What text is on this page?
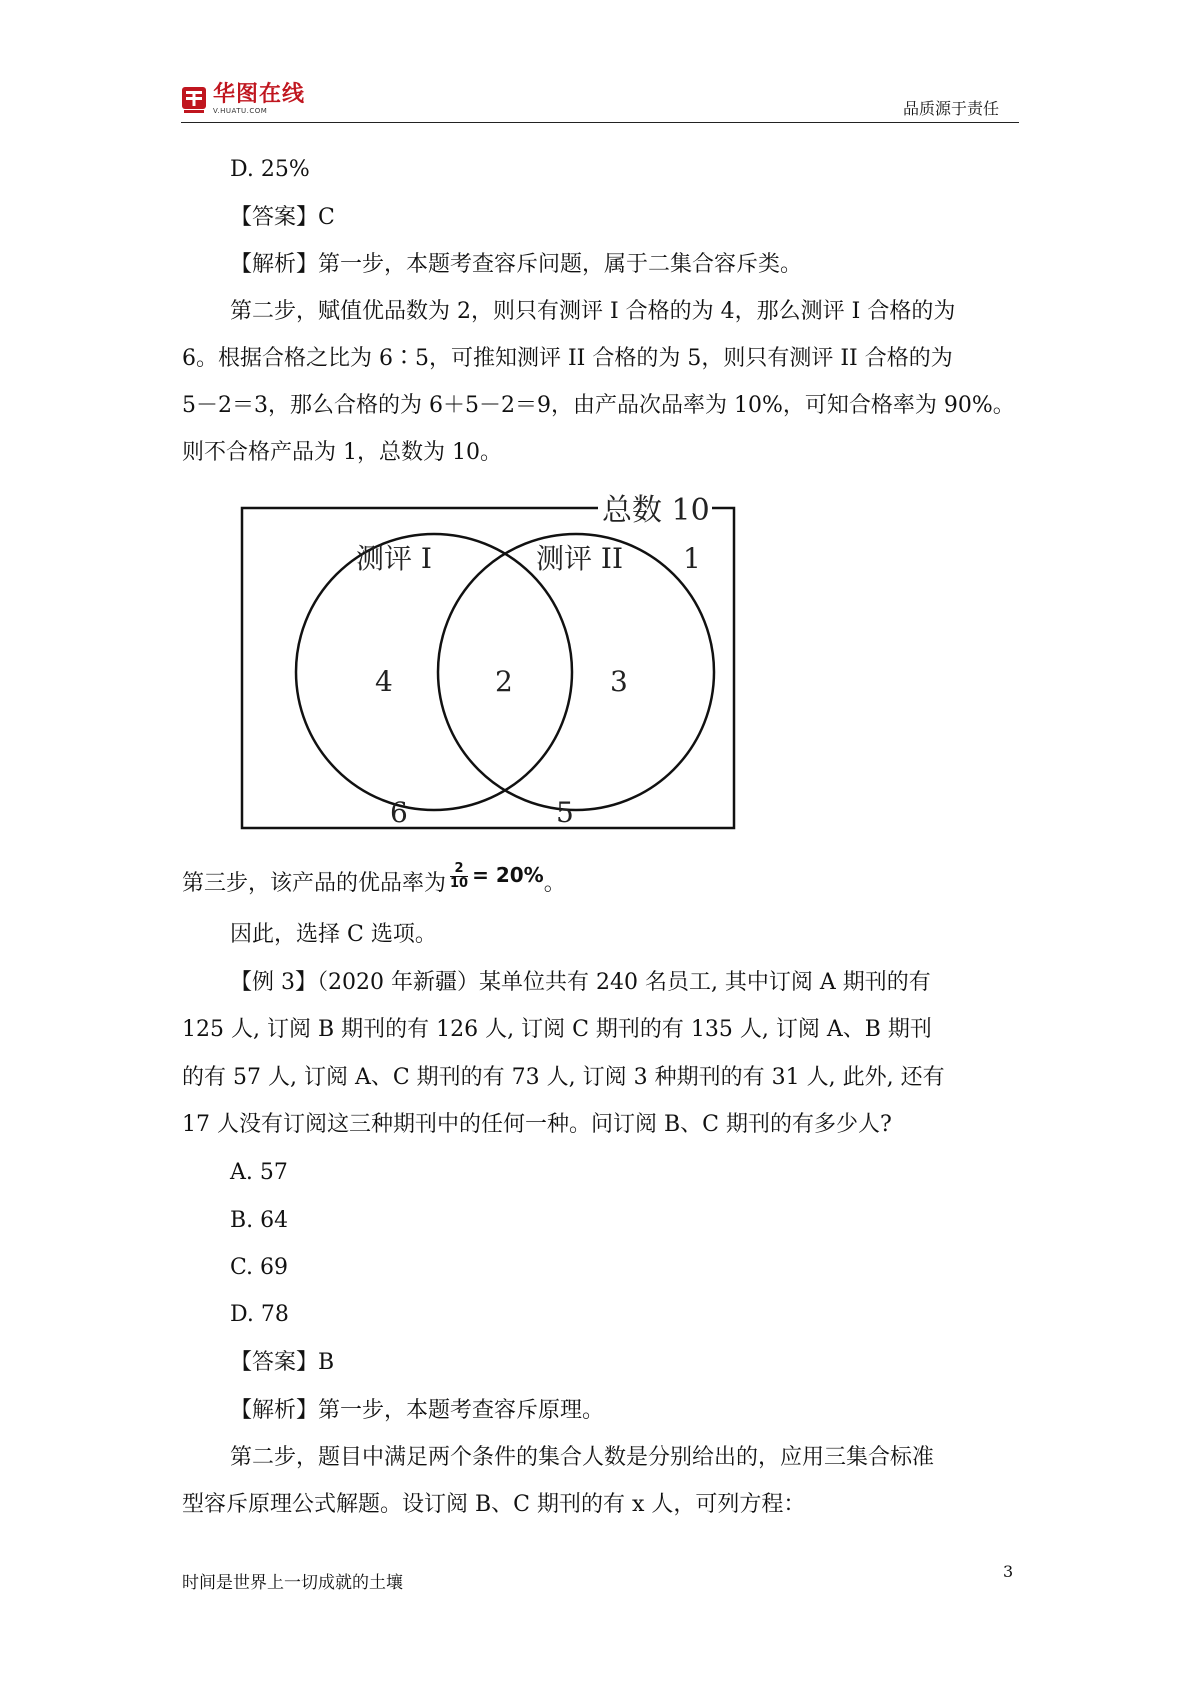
华图在线
V.HUATU.COM	品质源于责任
D. 25%
【答案】C
【解析】第一步，本题考查容斥问题，属于二集合容斥类。
第二步，赋值优品数为 2，则只有测评 I 合格的为 4，那么测评 I 合格的为
6。根据合格之比为 6∶5，可推知测评 II 合格的为 5，则只有测评 II 合格的为
5－2＝3，那么合格的为 6＋5－2＝9，由产品次品率为 10%，可知合格率为 90%。
则不合格产品为 1，总数为 10。
总数 10
测评 I	测评 II 1
4	2	3
6	5
第三步，该产品的优品率为 $\frac{2}{10} = 20\%$。
因此，选择 C 选项。
【例 3】（2020 年新疆）某单位共有 240 名员工, 其中订阅 A 期刊的有
125 人, 订阅 B 期刊的有 126 人, 订阅 C 期刊的有 135 人, 订阅 A、B 期刊
的有 57 人, 订阅 A、C 期刊的有 73 人, 订阅 3 种期刊的有 31 人, 此外, 还有
17 人没有订阅这三种期刊中的任何一种。问订阅 B、C 期刊的有多少人?
A. 57
B. 64
C. 69
D. 78
【答案】B
【解析】第一步，本题考查容斥原理。
第二步，题目中满足两个条件的集合人数是分别给出的，应用三集合标准
型容斥原理公式解题。设订阅 B、C 期刊的有 x 人，可列方程：
时间是世界上一切成就的土壤
3
